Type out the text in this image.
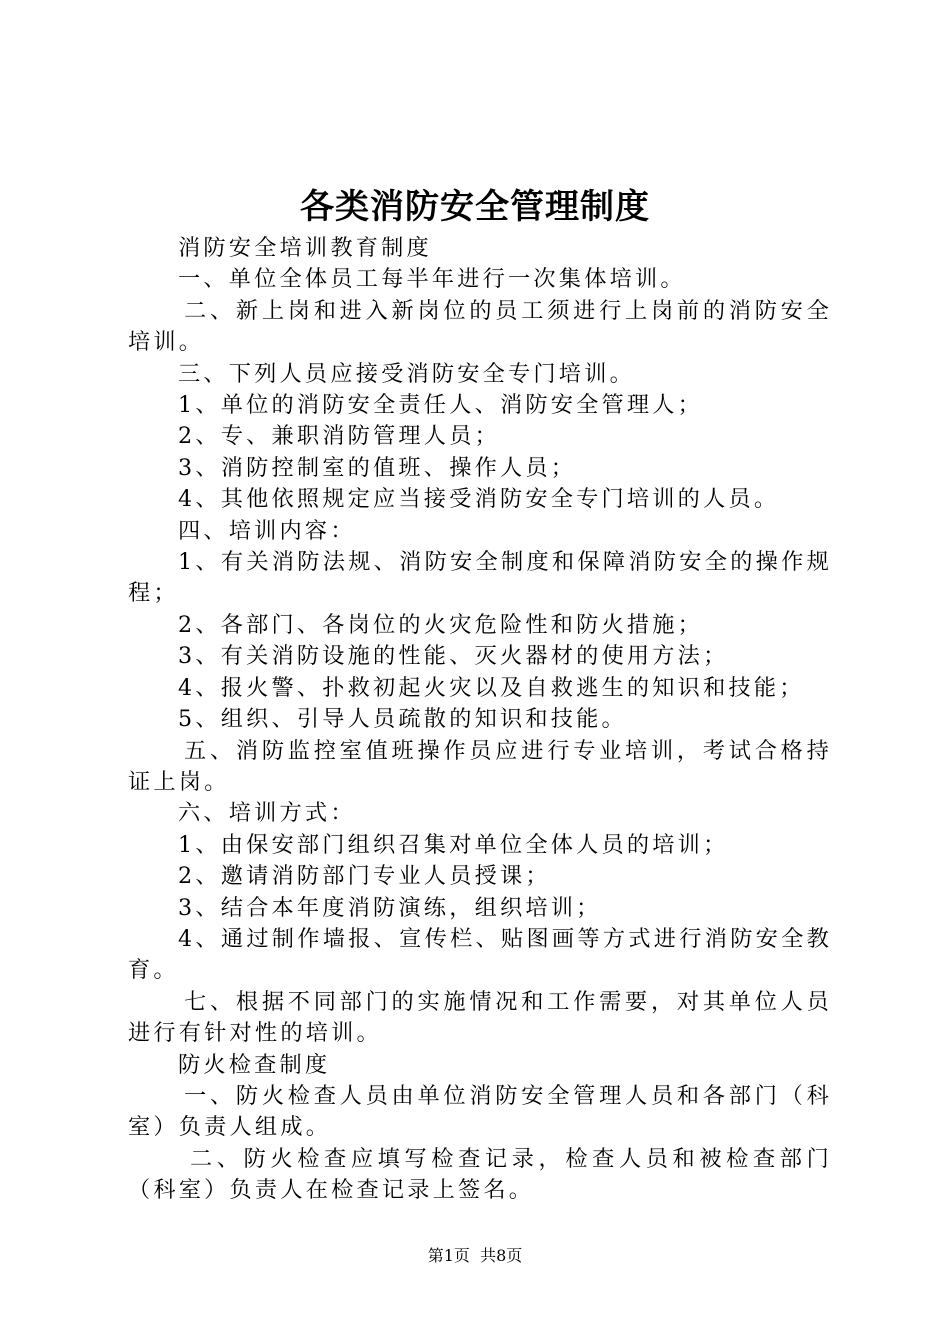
各类消防安全管理制度

消防安全培训教育制度

一、单位全体员工每半年进行一次集体培训。

二、新上岗和进入新岗位的员工须进行上岗前的消防安全培训。

三、下列人员应接受消防安全专门培训。

1、单位的消防安全责任人、消防安全管理人；

2、专、兼职消防管理人员；

3、消防控制室的值班、操作人员；

4、其他依照规定应当接受消防安全专门培训的人员。

四、培训内容：

1、有关消防法规、消防安全制度和保障消防安全的操作规程；

2、各部门、各岗位的火灾危险性和防火措施；

3、有关消防设施的性能、灭火器材的使用方法；

4、报火警、扑救初起火灾以及自救逃生的知识和技能；

5、组织、引导人员疏散的知识和技能。

五、消防监控室值班操作员应进行专业培训，考试合格持证上岗。

六、培训方式：

1、由保安部门组织召集对单位全体人员的培训；

2、邀请消防部门专业人员授课；

3、结合本年度消防演练，组织培训；

4、通过制作墙报、宣传栏、贴图画等方式进行消防安全教育。

七、根据不同部门的实施情况和工作需要，对其单位人员进行有针对性的培训。

防火检查制度

一、防火检查人员由单位消防安全管理人员和各部门（科室）负责人组成。

二、防火检查应填写检查记录，检查人员和被检查部门（科室）负责人在检查记录上签名。

第1页 共8页
